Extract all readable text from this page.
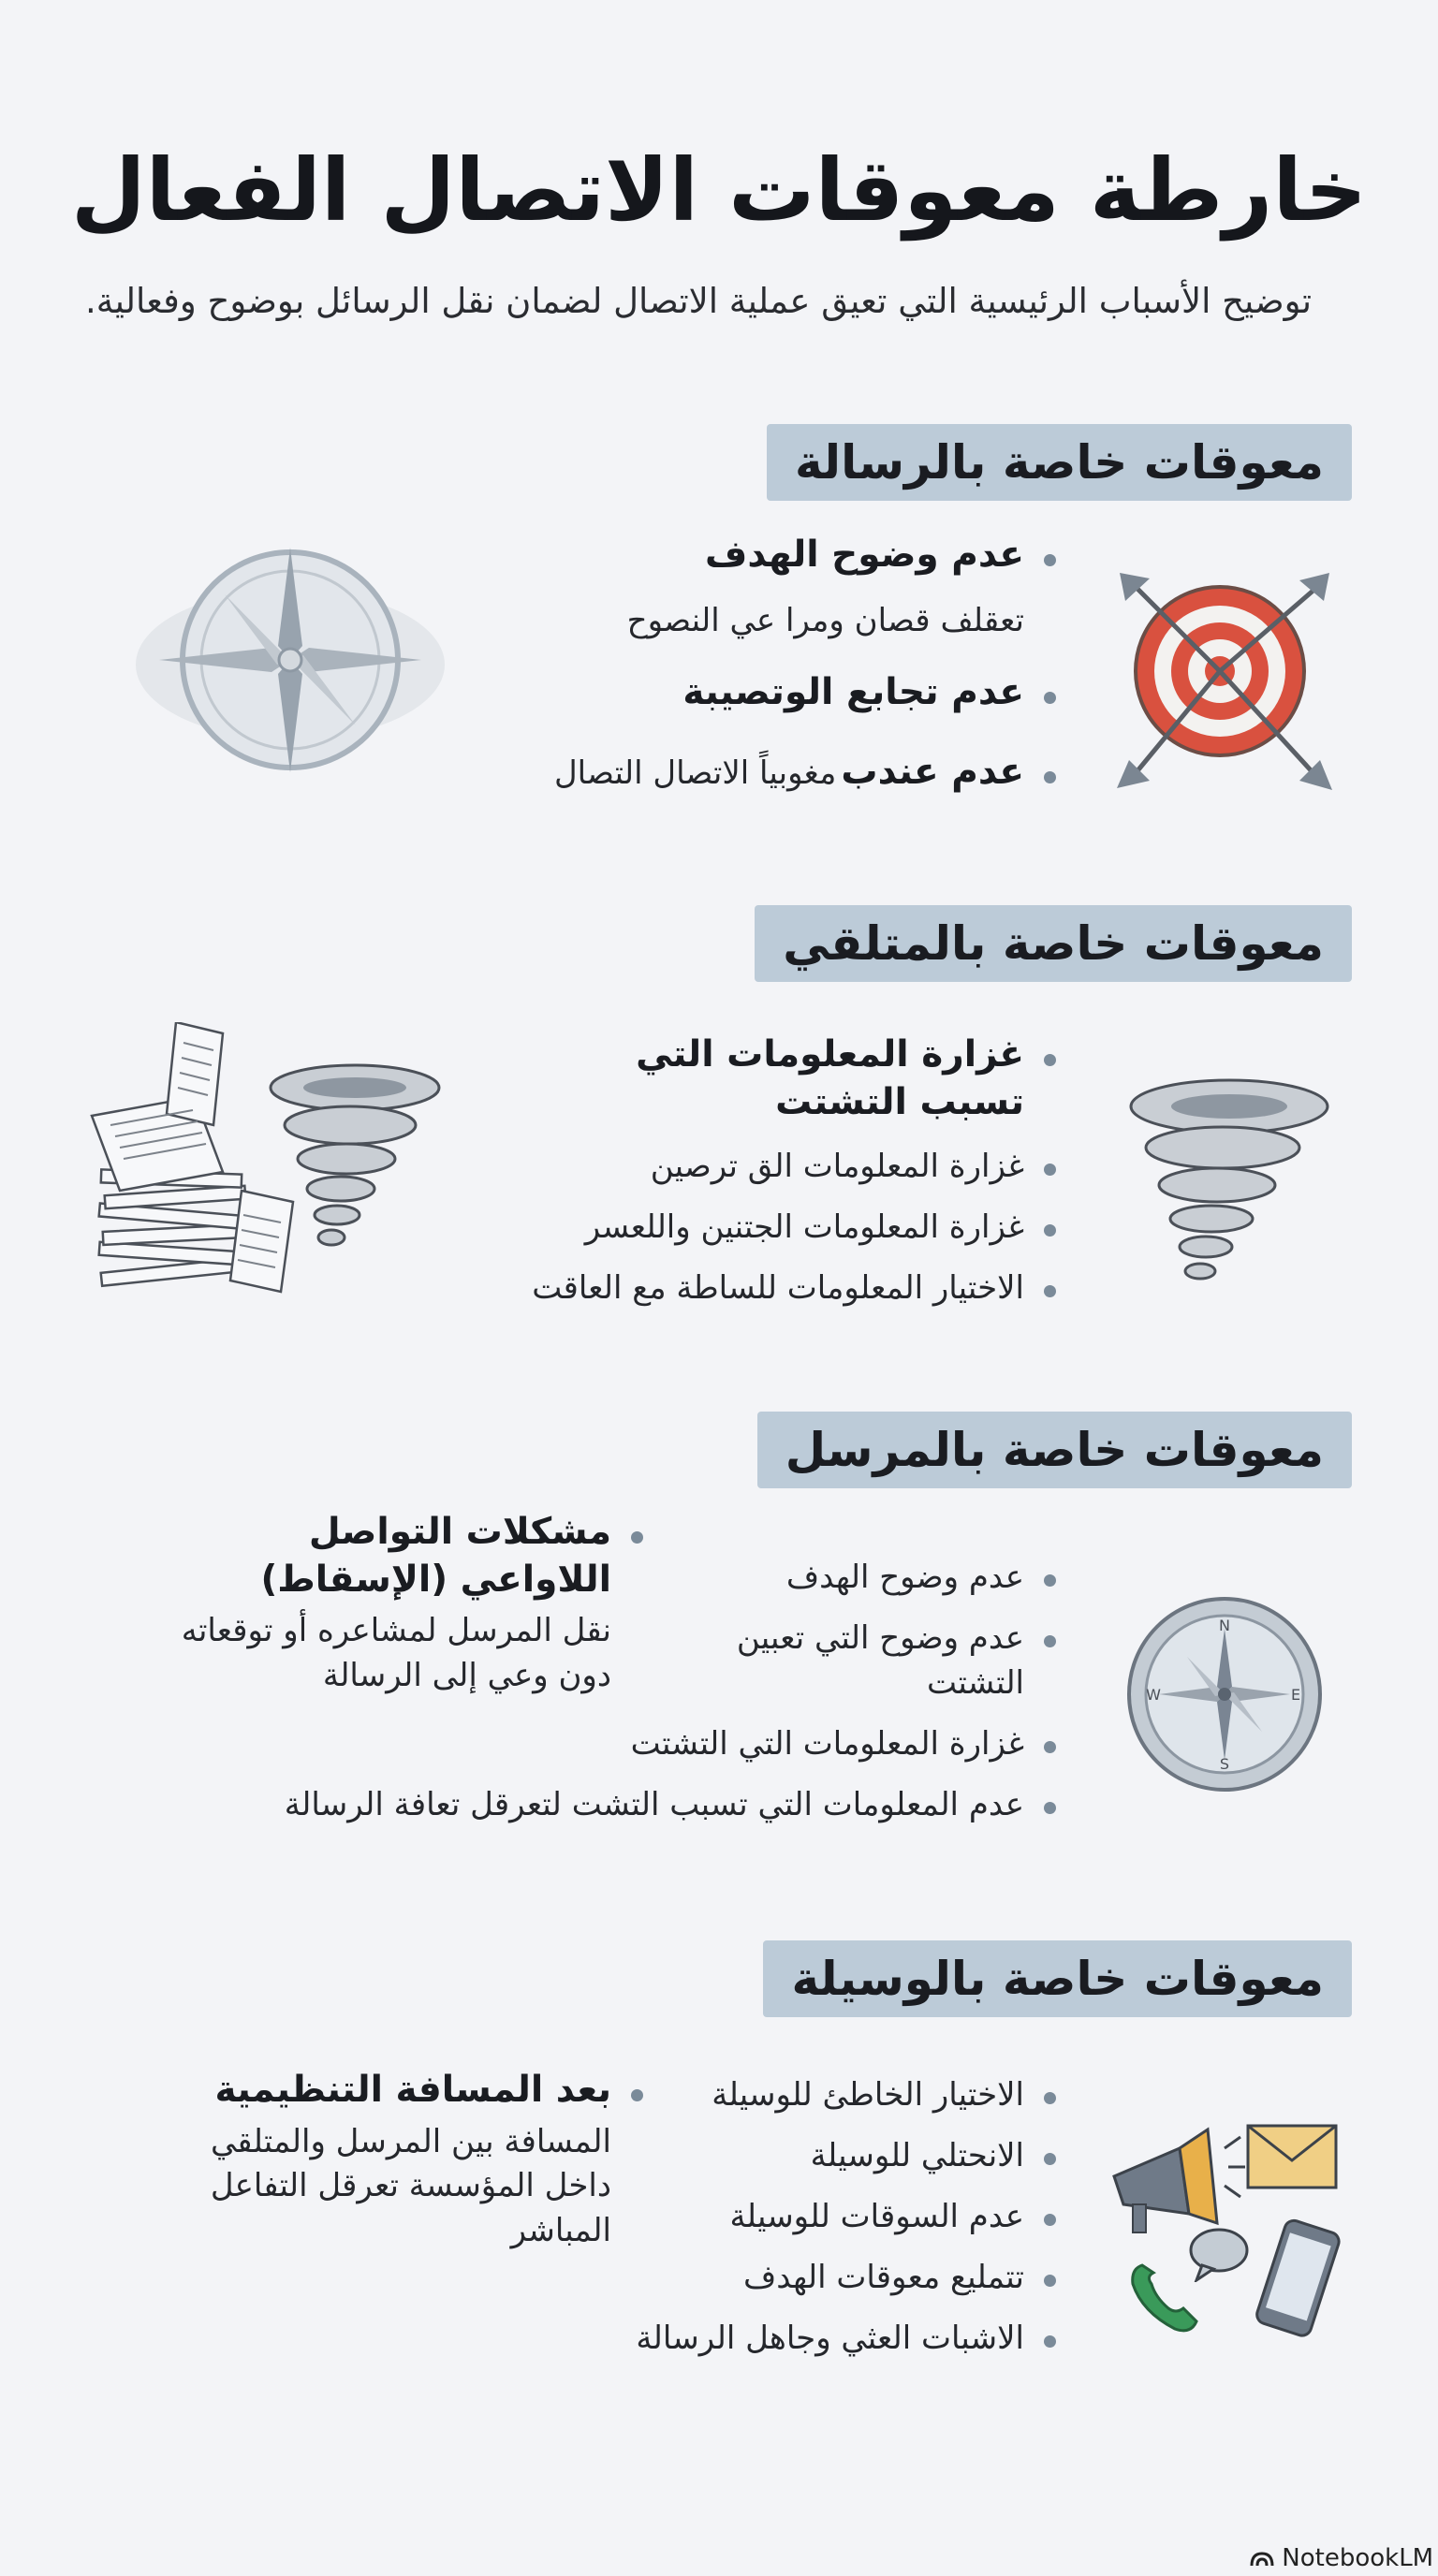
خارطة معوقات الاتصال الفعال
توضيح الأسباب الرئيسية التي تعيق عملية الاتصال لضمان نقل الرسائل بوضوح وفعالية.
معوقات خاصة بالرسالة
عدم وضوح الهدف
تعقلف قصان ومرا عي النصوح
عدم تجابع الوتصيبة
عدم عندب مغوبياً الاتصال التصال
معوقات خاصة بالمتلقي
غزارة المعلومات التي تسبب التشتت
غزارة المعلومات الق ترصين
غزارة المعلومات الجتنين واللعسر
الاختيار المعلومات للساطة مع العاقت
معوقات خاصة بالمرسل
مشكلات التواصل اللاواعي (الإسقاط)
نقل المرسل لمشاعره أو توقعاته دون وعي إلى الرسالة
عدم وضوح الهدف
عدم وضوح التي تعبين التشتت
غزارة المعلومات التي التشتت
عدم المعلومات التي تسبب التشت لتعرقل تعافة الرسالة
N
E
S
W
معوقات خاصة بالوسيلة
بعد المسافة التنظيمية
المسافة بين المرسل والمتلقي داخل المؤسسة تعرقل التفاعل المباشر
الاختيار الخاطئ للوسيلة
الانحتلي للوسيلة
عدم السوقات للوسيلة
تتمليع معوقات الهدف
الاشبات العثي وجاهل الرسالة
NotebookLM
